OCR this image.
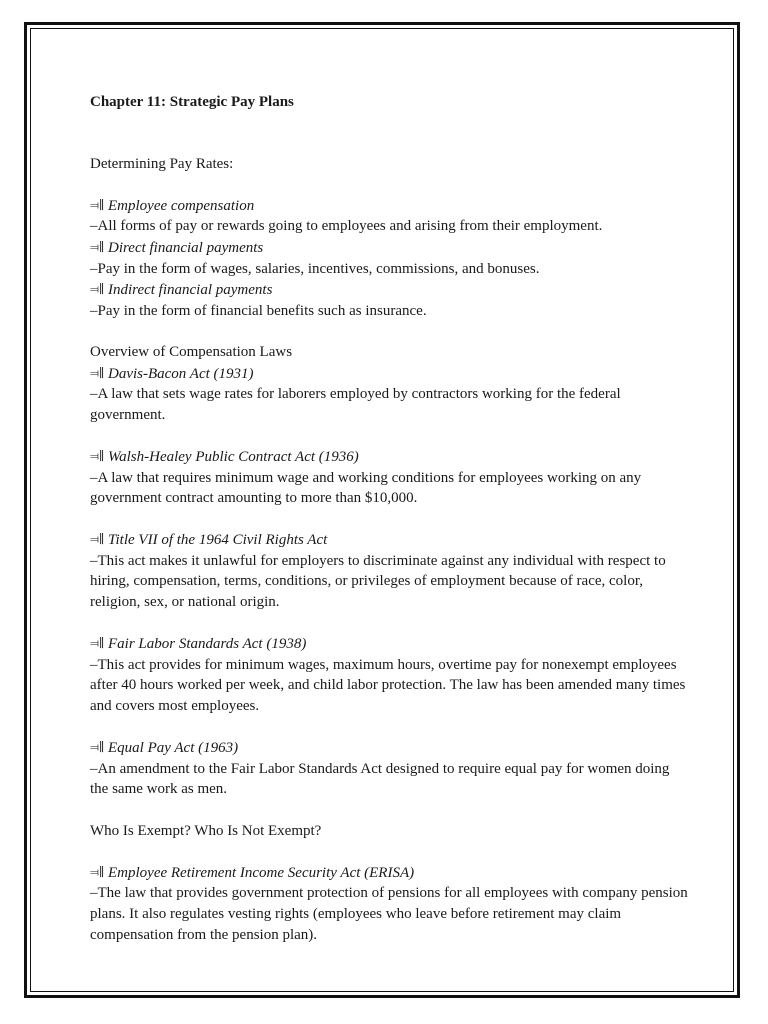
Chapter 11: Strategic Pay Plans
Determining Pay Rates:
⫤∥ Employee compensation

–All forms of pay or rewards going to employees and arising from their employment.

⫤∥ Direct financial payments

–Pay in the form of wages, salaries, incentives, commissions, and bonuses.

⫤∥ Indirect financial payments

–Pay in the form of financial benefits such as insurance.

Overview of Compensation Laws
⫤∥ Davis-Bacon Act (1931)

–A law that sets wage rates for laborers employed by contractors working for the federal government.

⫤∥ Walsh-Healey Public Contract Act (1936)

–A law that requires minimum wage and working conditions for employees working on any government contract amounting to more than $10,000.

⫤∥ Title VII of the 1964 Civil Rights Act

–This act makes it unlawful for employers to discriminate against any individual with respect to hiring, compensation, terms, conditions, or privileges of employment because of race, color, religion, sex, or national origin.

⫤∥ Fair Labor Standards Act (1938)

–This act provides for minimum wages, maximum hours, overtime pay for nonexempt employees after 40 hours worked per week, and child labor protection. The law has been amended many times and covers most employees.

⫤∥ Equal Pay Act (1963)

–An amendment to the Fair Labor Standards Act designed to require equal pay for women doing the same work as men.

Who Is Exempt? Who Is Not Exempt?
⫤∥ Employee Retirement Income Security Act (ERISA)

–The law that provides government protection of pensions for all employees with company pension plans. It also regulates vesting rights (employees who leave before retirement may claim compensation from the pension plan).
